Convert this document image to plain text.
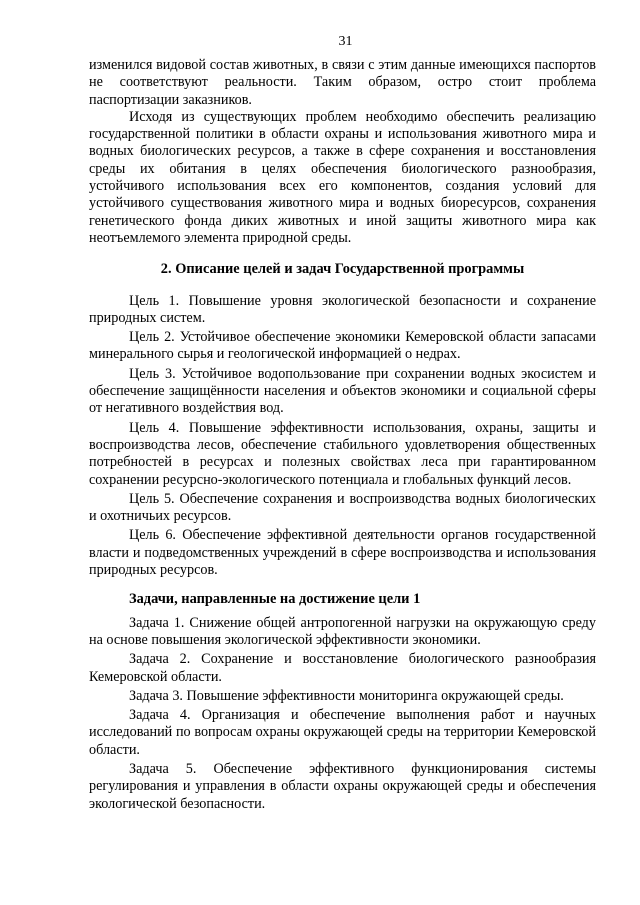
31

изменился видовой состав животных, в связи с этим данные имеющихся паспортов не соответствуют реальности. Таким образом, остро стоит проблема паспортизации заказников.

Исходя из существующих проблем необходимо обеспечить реализацию государственной политики в области охраны и использования животного мира и водных биологических ресурсов, а также в сфере сохранения и восстановления среды их обитания в целях обеспечения биологического разнообразия, устойчивого использования всех его компонентов, создания условий для устойчивого существования животного мира и водных биоресурсов, сохранения генетического фонда диких животных и иной защиты животного мира как неотъемлемого элемента природной среды.

2. Описание целей и задач Государственной программы

Цель 1. Повышение уровня экологической безопасности и сохранение природных систем.

Цель 2. Устойчивое обеспечение экономики Кемеровской области запасами минерального сырья и геологической информацией о недрах.

Цель 3. Устойчивое водопользование при сохранении водных экосистем и обеспечение защищённости населения и объектов экономики и социальной сферы от негативного воздействия вод.

Цель 4. Повышение эффективности использования, охраны, защиты и воспроизводства лесов, обеспечение стабильного удовлетворения общественных потребностей в ресурсах и полезных свойствах леса при гарантированном сохранении ресурсно-экологического потенциала и глобальных функций лесов.

Цель 5. Обеспечение сохранения и воспроизводства водных биологических и охотничьих ресурсов.

Цель 6. Обеспечение эффективной деятельности органов государственной власти и подведомственных учреждений в сфере воспроизводства и использования природных ресурсов.

Задачи, направленные на достижение цели 1

Задача 1. Снижение общей антропогенной нагрузки на окружающую среду на основе повышения экологической эффективности экономики.

Задача 2. Сохранение и восстановление биологического разнообразия Кемеровской области.

Задача 3. Повышение эффективности мониторинга окружающей среды.

Задача 4. Организация и обеспечение выполнения работ и научных исследований по вопросам охраны окружающей среды на территории Кемеровской области.

Задача 5. Обеспечение эффективного функционирования системы регулирования и управления в области охраны окружающей среды и обеспечения экологической безопасности.
